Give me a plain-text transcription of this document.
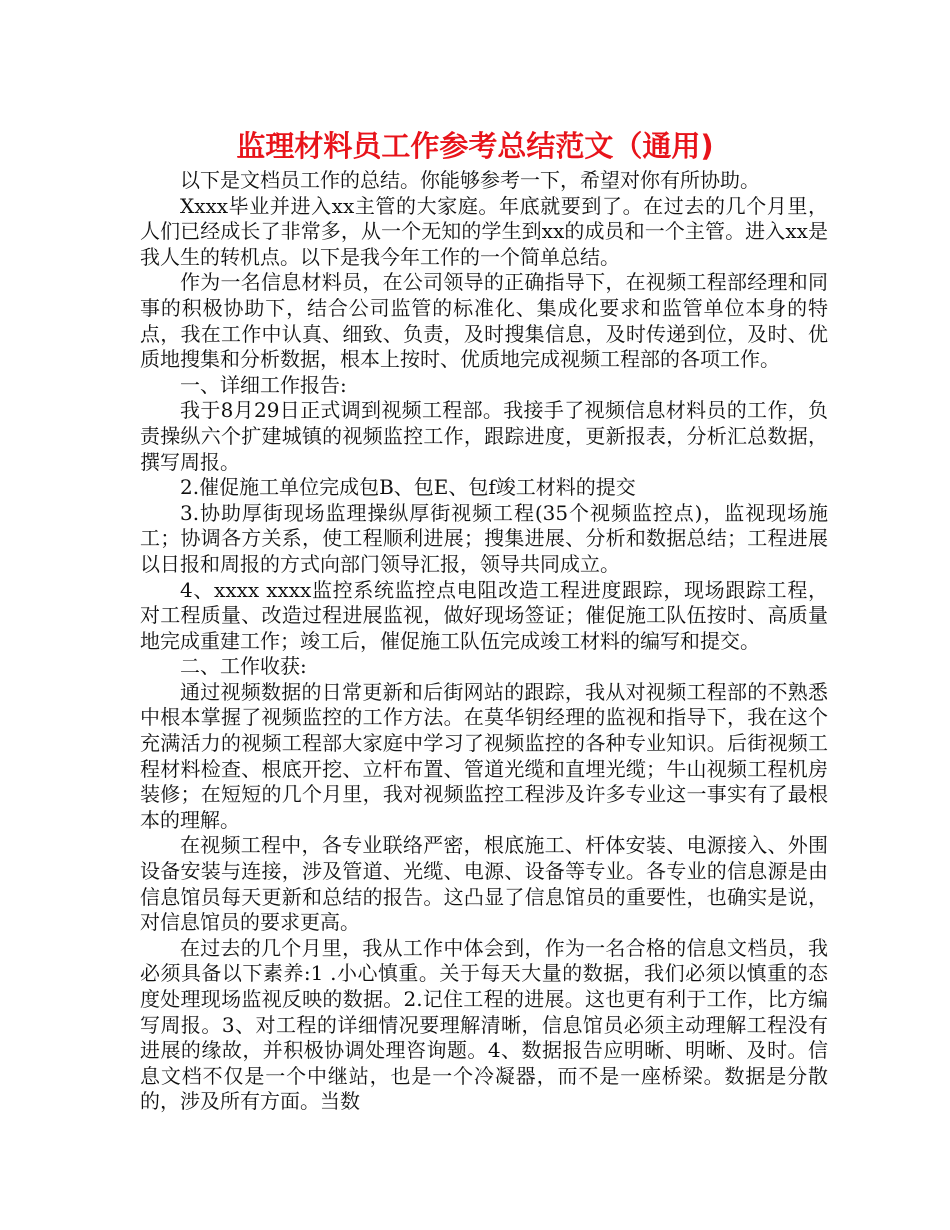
监理材料员工作参考总结范文（通用)

以下是文档员工作的总结。你能够参考一下，希望对你有所协助。

Xxxx毕业并进入xx主管的大家庭。年底就要到了。在过去的几个月里，人们已经成长了非常多，从一个无知的学生到xx的成员和一个主管。进入xx是我人生的转机点。以下是我今年工作的一个简单总结。

作为一名信息材料员，在公司领导的正确指导下，在视频工程部经理和同事的积极协助下，结合公司监管的标准化、集成化要求和监管单位本身的特点，我在工作中认真、细致、负责，及时搜集信息，及时传递到位，及时、优质地搜集和分析数据，根本上按时、优质地完成视频工程部的各项工作。

一、详细工作报告:

我于8月29日正式调到视频工程部。我接手了视频信息材料员的工作，负责操纵六个扩建城镇的视频监控工作，跟踪进度，更新报表，分析汇总数据，撰写周报。

2.催促施工单位完成包B、包E、包f竣工材料的提交

3.协助厚街现场监理操纵厚街视频工程(35个视频监控点)，监视现场施工；协调各方关系，使工程顺利进展；搜集进展、分析和数据总结；工程进展以日报和周报的方式向部门领导汇报，领导共同成立。

4、xxxx xxxx监控系统监控点电阻改造工程进度跟踪，现场跟踪工程，对工程质量、改造过程进展监视，做好现场签证；催促施工队伍按时、高质量地完成重建工作；竣工后，催促施工队伍完成竣工材料的编写和提交。

二、工作收获:

通过视频数据的日常更新和后街网站的跟踪，我从对视频工程部的不熟悉中根本掌握了视频监控的工作方法。在莫华钥经理的监视和指导下，我在这个充满活力的视频工程部大家庭中学习了视频监控的各种专业知识。后街视频工程材料检查、根底开挖、立杆布置、管道光缆和直埋光缆；牛山视频工程机房装修；在短短的几个月里，我对视频监控工程涉及许多专业这一事实有了最根本的理解。

在视频工程中，各专业联络严密，根底施工、杆体安装、电源接入、外围设备安装与连接，涉及管道、光缆、电源、设备等专业。各专业的信息源是由信息馆员每天更新和总结的报告。这凸显了信息馆员的重要性，也确实是说，对信息馆员的要求更高。

在过去的几个月里，我从工作中体会到，作为一名合格的信息文档员，我必须具备以下素养:1 .小心慎重。关于每天大量的数据，我们必须以慎重的态度处理现场监视反映的数据。2.记住工程的进展。这也更有利于工作，比方编写周报。3、对工程的详细情况要理解清晰，信息馆员必须主动理解工程没有进展的缘故，并积极协调处理咨询题。4、数据报告应明晰、明晰、及时。信息文档不仅是一个中继站，也是一个冷凝器，而不是一座桥梁。数据是分散的，涉及所有方面。当数
